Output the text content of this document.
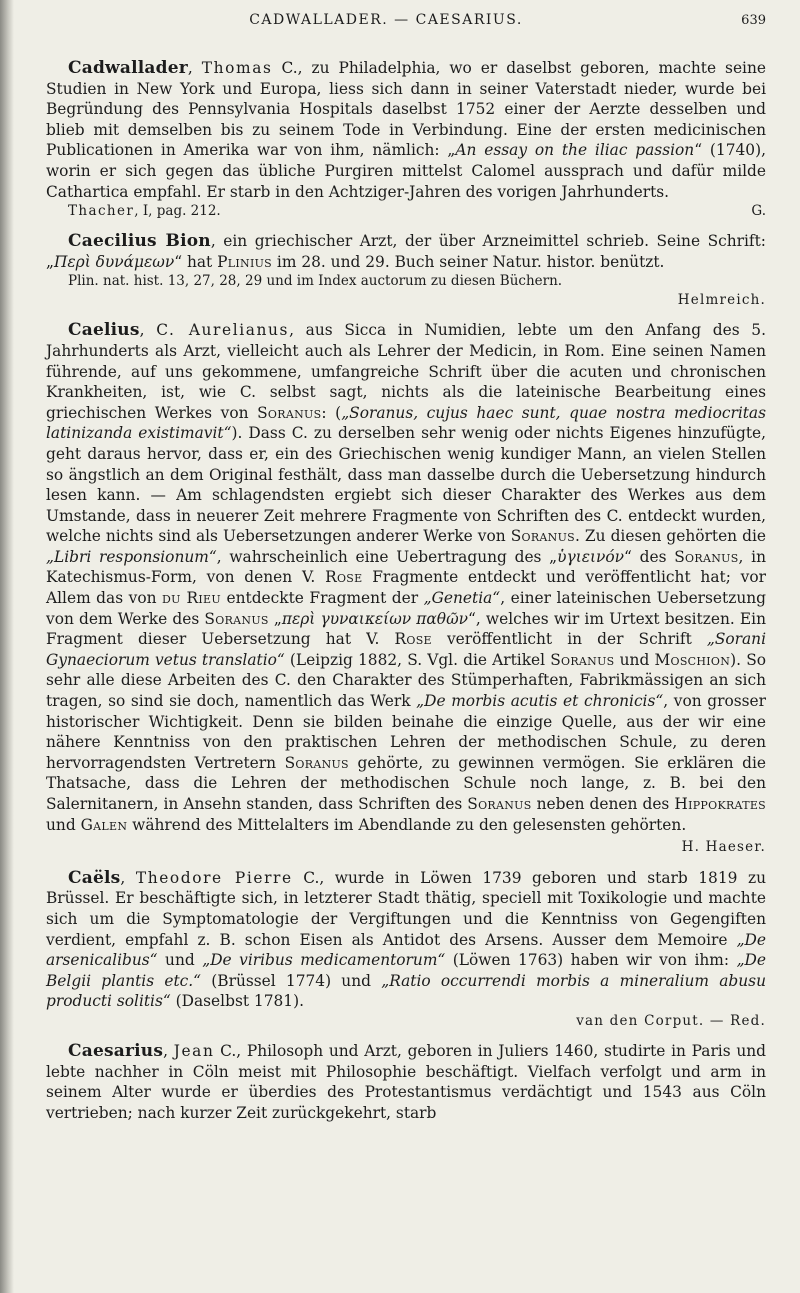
CADWALLADER. — CAESARIUS.	639

Cadwallader, Thomas C., zu Philadelphia, wo er daselbst geboren, machte seine Studien in New York und Europa, liess sich dann in seiner Vaterstadt nieder, wurde bei Begründung des Pennsylvania Hospitals daselbst 1752 einer der Aerzte desselben und blieb mit demselben bis zu seinem Tode in Verbindung. Eine der ersten medicinischen Publicationen in Amerika war von ihm, nämlich: „An essay on the iliac passion“ (1740), worin er sich gegen das übliche Purgiren mittelst Calomel aussprach und dafür milde Cathartica empfahl. Er starb in den Achtziger-Jahren des vorigen Jahrhunderts.

Thacher, I, pag. 212.	G.

Caecilius Bion, ein griechischer Arzt, der über Arzneimittel schrieb. Seine Schrift: „Περὶ δυνάμεων“ hat Plinius im 28. und 29. Buch seiner Natur. histor. benützt.

Plin. nat. hist. 13, 27, 28, 29 und im Index auctorum zu diesen Büchern.

Helmreich.

Caelius, C. Aurelianus, aus Sicca in Numidien, lebte um den Anfang des 5. Jahrhunderts als Arzt, vielleicht auch als Lehrer der Medicin, in Rom. Eine seinen Namen führende, auf uns gekommene, umfangreiche Schrift über die acuten und chronischen Krankheiten, ist, wie C. selbst sagt, nichts als die lateinische Bearbeitung eines griechischen Werkes von Soranus: („Soranus, cujus haec sunt, quae nostra mediocritas latinizanda existimavit“). Dass C. zu derselben sehr wenig oder nichts Eigenes hinzufügte, geht daraus hervor, dass er, ein des Griechischen wenig kundiger Mann, an vielen Stellen so ängstlich an dem Original festhält, dass man dasselbe durch die Uebersetzung hindurch lesen kann. — Am schlagendsten ergiebt sich dieser Charakter des Werkes aus dem Umstande, dass in neuerer Zeit mehrere Fragmente von Schriften des C. entdeckt wurden, welche nichts sind als Uebersetzungen anderer Werke von Soranus. Zu diesen gehörten die „Libri responsionum“, wahrscheinlich eine Uebertragung des „ὑγιεινόν“ des Soranus, in Katechismus-Form, von denen V. Rose Fragmente entdeckt und veröffentlicht hat; vor Allem das von du Rieu entdeckte Fragment der „Genetia“, einer lateinischen Uebersetzung von dem Werke des Soranus „περὶ γυναικείων παθῶν“, welches wir im Urtext besitzen. Ein Fragment dieser Uebersetzung hat V. Rose veröffentlicht in der Schrift „Sorani Gynaeciorum vetus translatio“ (Leipzig 1882, S. Vgl. die Artikel Soranus und Moschion). So sehr alle diese Arbeiten des C. den Charakter des Stümperhaften, Fabrikmässigen an sich tragen, so sind sie doch, namentlich das Werk „De morbis acutis et chronicis“, von grosser historischer Wichtigkeit. Denn sie bilden beinahe die einzige Quelle, aus der wir eine nähere Kenntniss von den praktischen Lehren der methodischen Schule, zu deren hervorragendsten Vertretern Soranus gehörte, zu gewinnen vermögen. Sie erklären die Thatsache, dass die Lehren der methodischen Schule noch lange, z. B. bei den Salernitanern, in Ansehn standen, dass Schriften des Soranus neben denen des Hippokrates und Galen während des Mittelalters im Abendlande zu den gelesensten gehörten.
H. Haeser.

Caëls, Theodore Pierre C., wurde in Löwen 1739 geboren und starb 1819 zu Brüssel. Er beschäftigte sich, in letzterer Stadt thätig, speciell mit Toxikologie und machte sich um die Symptomatologie der Vergiftungen und die Kenntniss von Gegengiften verdient, empfahl z. B. schon Eisen als Antidot des Arsens. Ausser dem Memoire „De arsenicalibus“ und „De viribus medicamentorum“ (Löwen 1763) haben wir von ihm: „De Belgii plantis etc.“ (Brüssel 1774) und „Ratio occurrendi morbis a mineralium abusu producti solitis“ (Daselbst 1781).

van den Corput. — Red.

Caesarius, Jean C., Philosoph und Arzt, geboren in Juliers 1460, studirte in Paris und lebte nachher in Cöln meist mit Philosophie beschäftigt. Vielfach verfolgt und arm in seinem Alter wurde er überdies des Protestantismus verdächtigt und 1543 aus Cöln vertrieben; nach kurzer Zeit zurückgekehrt, starb
